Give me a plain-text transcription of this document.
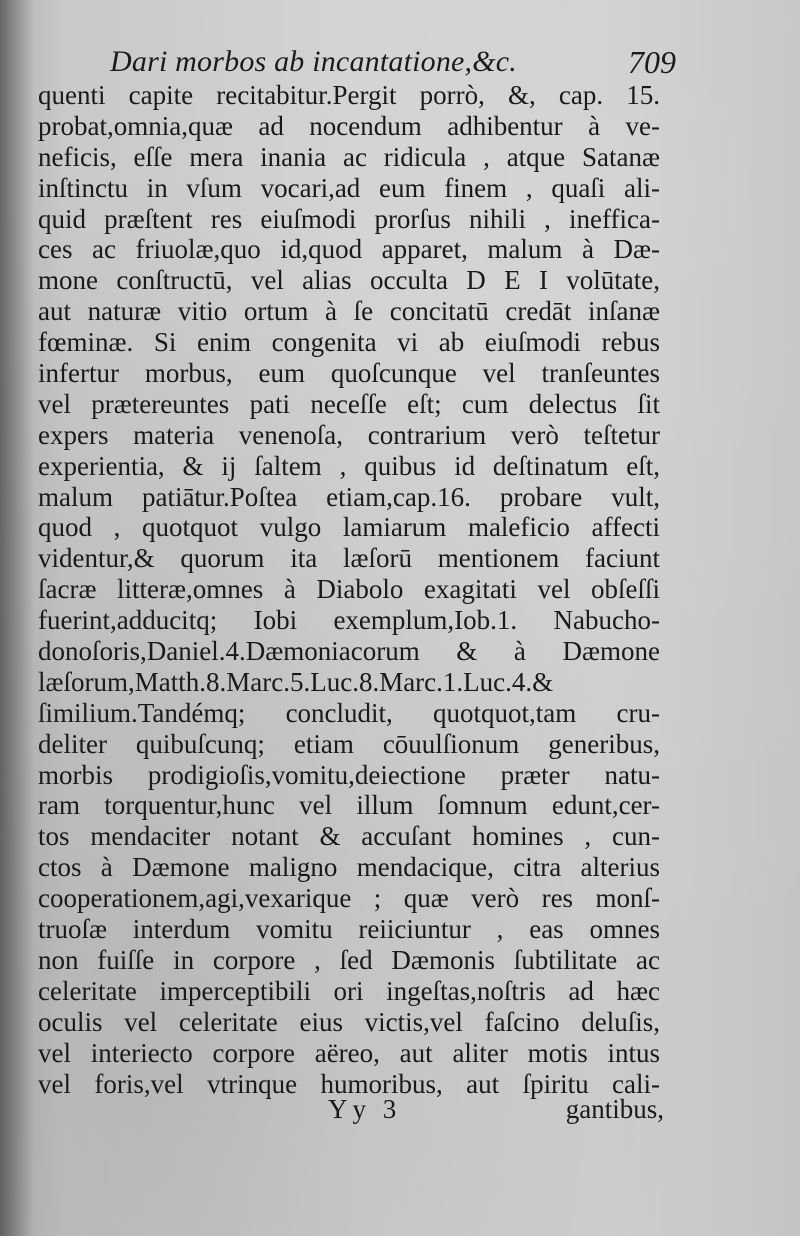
Dari morbos ab incantatione,&c.	709
quenti capite recitabitur.Pergit porrò, &, cap. 15.
probat,omnia,quæ ad nocendum adhibentur à ve-
neficis, eſſe mera inania ac ridicula , atque Satanæ
inſtinctu in vſum vocari,ad eum finem , quaſi ali-
quid præſtent res eiuſmodi prorſus nihili , inefficа-
ces ac friuolæ,quo id,quod apparet, malum à Dæ-
mone conſtructū, vel alias occulta D E I volūtate,
aut naturæ vitio ortum à ſe concitatū credāt inſanæ
fœminæ. Si enim congenita vi ab eiuſmodi rebus
infertur morbus, eum quoſcunque vel tranſeuntes
vel prætereuntes pati neceſſe eſt; cum delectus ſit
expers materia venenoſa, contrarium verò teſtetur
experientia, & ij ſaltem , quibus id deſtinatum eſt,
malum patiātur.Poſtea etiam,cap.16. probare vult,
quod , quotquot vulgo lamiarum maleficio affecti
videntur,& quorum ita læſorū mentionem faciunt
ſacræ litteræ,omnes à Diabolo exagitati vel obſeſſi
fuerint,adducitq; Iobi exemplum,Iob.1. Nabucho-
donoſoris,Daniel.4.Dæmoniacorum & à Dæmone
læſorum,Matth.8.Marc.5.Luc.8.Marc.1.Luc.4.&
ſimilium.Tandémq; concludit, quotquot,tam cru-
deliter quibuſcunq; etiam cōuulſionum generibus,
morbis prodigioſis,vomitu,deiectione præter natu-
ram torquentur,hunc vel illum ſomnum edunt,cer-
tos mendaciter notant & accuſant homines , cun-
ctos à Dæmone maligno mendacique, citra alterius
cooperationem,agi,vexarique ; quæ verò res monſ-
truoſæ interdum vomitu reiiciuntur , eas omnes
non fuiſſe in corpore , ſed Dæmonis ſubtilitate ac
celeritate imperceptibili ori ingeſtas,noſtris ad hæc
oculis vel celeritate eius victis,vel faſcino deluſis,
vel interiecto corpore aëreo, aut aliter motis intus
vel foris,vel vtrinque humoribus, aut ſpiritu cali-
Yy 3	gantibus,
